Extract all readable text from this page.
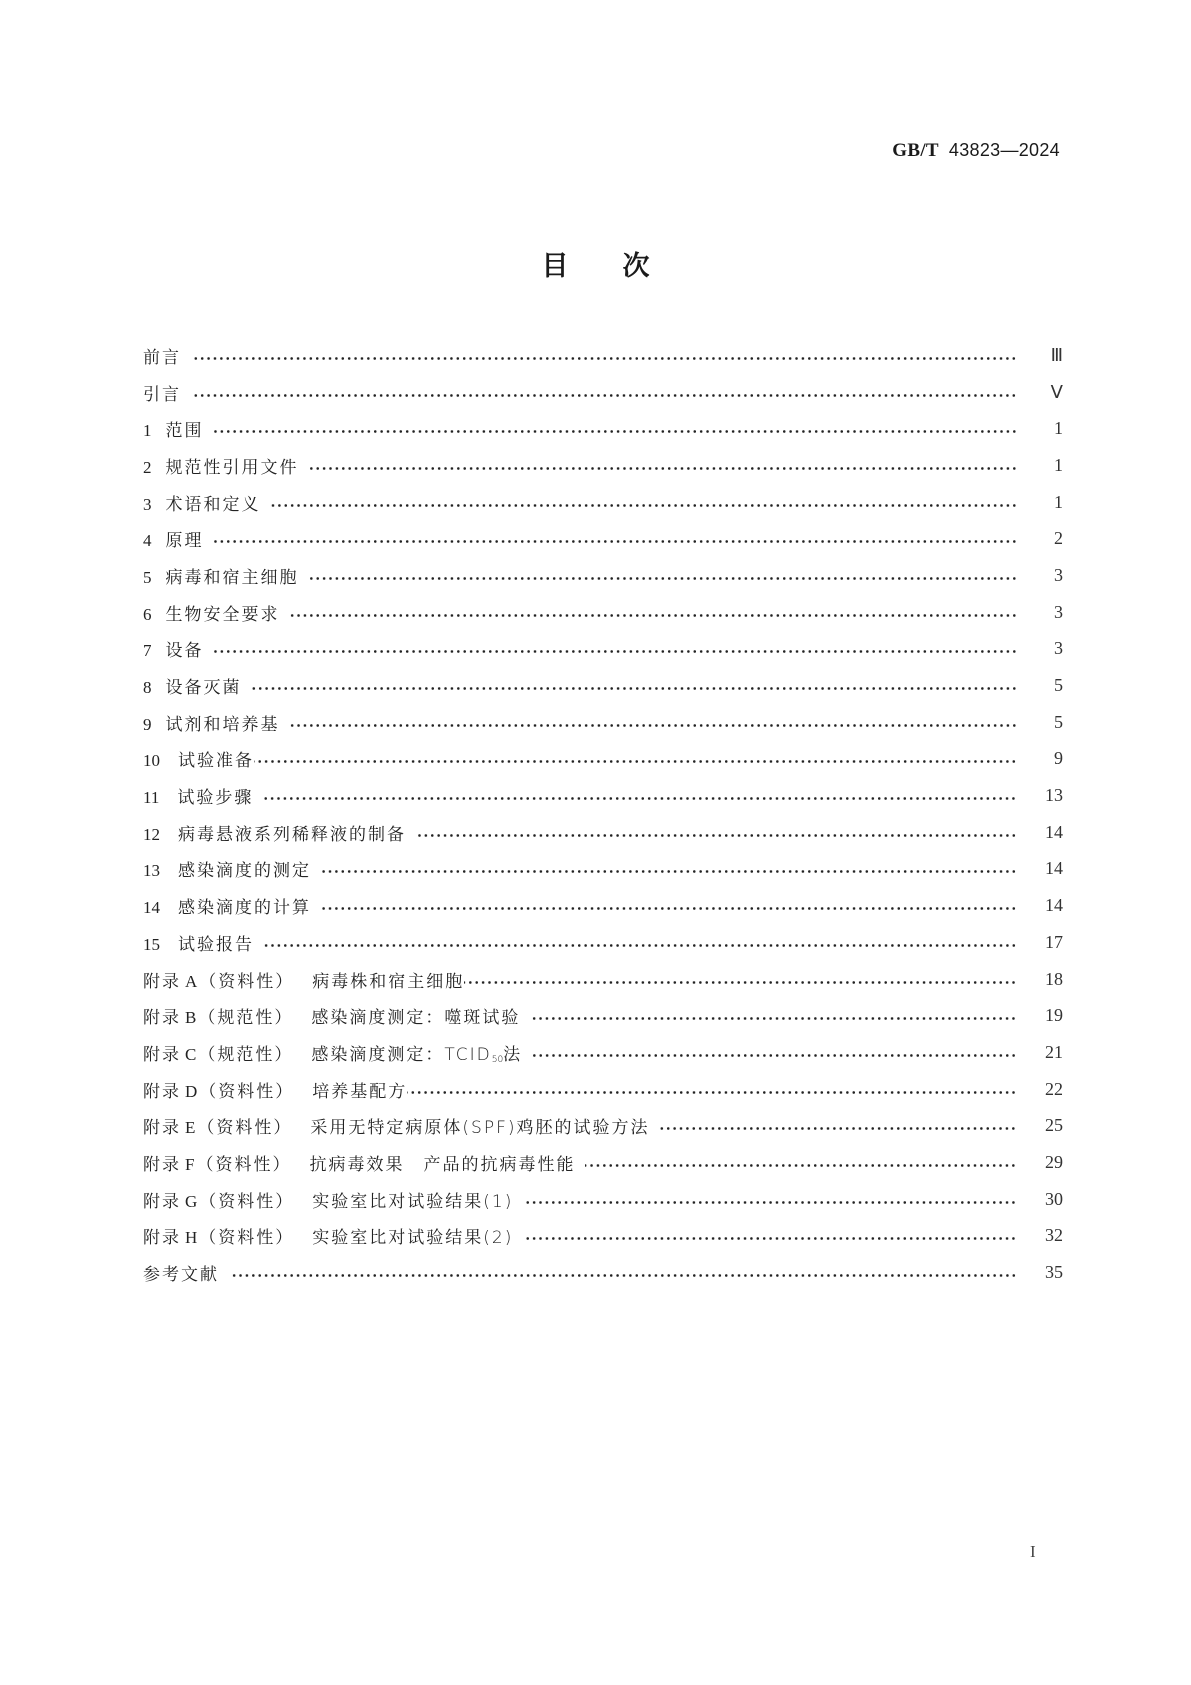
GB/T 43823—2024
目 次
前言	Ⅲ
引言	Ⅴ
1 范围	1
2 规范性引用文件	1
3 术语和定义	1
4 原理	2
5 病毒和宿主细胞	3
6 生物安全要求	3
7 设备	3
8 设备灭菌	5
9 试剂和培养基	5
10 试验准备	9
11 试验步骤	13
12 病毒悬液系列稀释液的制备	14
13 感染滴度的测定	14
14 感染滴度的计算	14
15 试验报告	17
附录 A （资料性） 病毒株和宿主细胞	18
附录 B （规范性） 感染滴度测定：噬斑试验	19
附录 C （规范性） 感染滴度测定：$TCID_{50}$法	21
附录 D （资料性） 培养基配方	22
附录 E （资料性） 采用无特定病原体(SPF)鸡胚的试验方法	25
附录 F （资料性） 抗病毒效果　产品的抗病毒性能	29
附录 G （资料性） 实验室比对试验结果(1)	30
附录 H （资料性） 实验室比对试验结果(2)	32
参考文献	35
I
